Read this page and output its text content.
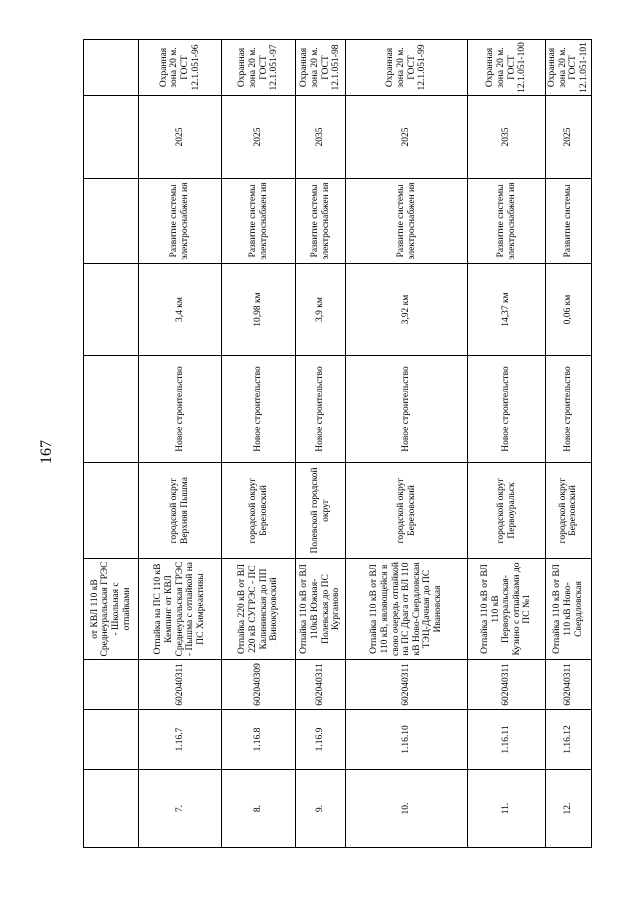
167
			от КВЛ 110 кВ Среднеуральская ГРЭС - Школьная с отпайками						
7.	1.16.7	602040311	Отпайка на ПС 110 кВ Кемпинг от КВЛ Среднеуральская ГРЭС - Пышма с отпайкой на ПС Химреактивы	городской округ Верхняя Пышма	Новое строительство	3,4 км	Развитие системы электроснабжен ия	2025	Охранная зона 20 м. ГОСТ 12.1.051-96
8.	1.16.8	602040309	Отпайка 220 кВ от ВЛ 220 кВ СУГРЭС - ПС Калининская до ПП Винокуровский	городской округ Березовский	Новое строительство	10,98 км	Развитие системы электроснабжен ия	2025	Охранная зона 20 м. ГОСТ 12.1.051-97
9.	1.16.9	602040311	Отпайка 110 кВ от ВЛ 110кВ Южная-Полевская до ПС Курганово	Полевской городской округ	Новое строительство	3,9 км	Развитие системы электроснабжен ия	2035	Охранная зона 20 м. ГОСТ 12.1.051-98
10.	1.16.10	602040311	Отпайка 110 кВ от ВЛ 110 кВ, являющейся в свою очередь отпайкой на ПС Драга от ВЛ 110 кВ Ново-Свердловская ТЭЦ-Дачная до ПС Ивановская	городской округ Березовский	Новое строительство	3,92 км	Развитие системы электроснабжен ия	2025	Охранная зона 20 м. ГОСТ 12.1.051-99
11.	1.16.11	602040311	Отпайка 110 кВ от ВЛ 110 кВ Первоуральская-Кузино с отпайками до ПС №1	городской округ Первоуральск	Новое строительство	14,37 км	Развитие системы электроснабжен ия	2035	Охранная зона 20 м. ГОСТ 12.1.051-100
12.	1.16.12	602040311	Отпайка 110 кВ от ВЛ 110 кВ Ново-Свердловская	городской округ Березовский	Новое строительство	0,06 км	Развитие системы	2025	Охранная зона 20 м. ГОСТ 12.1.051-101
